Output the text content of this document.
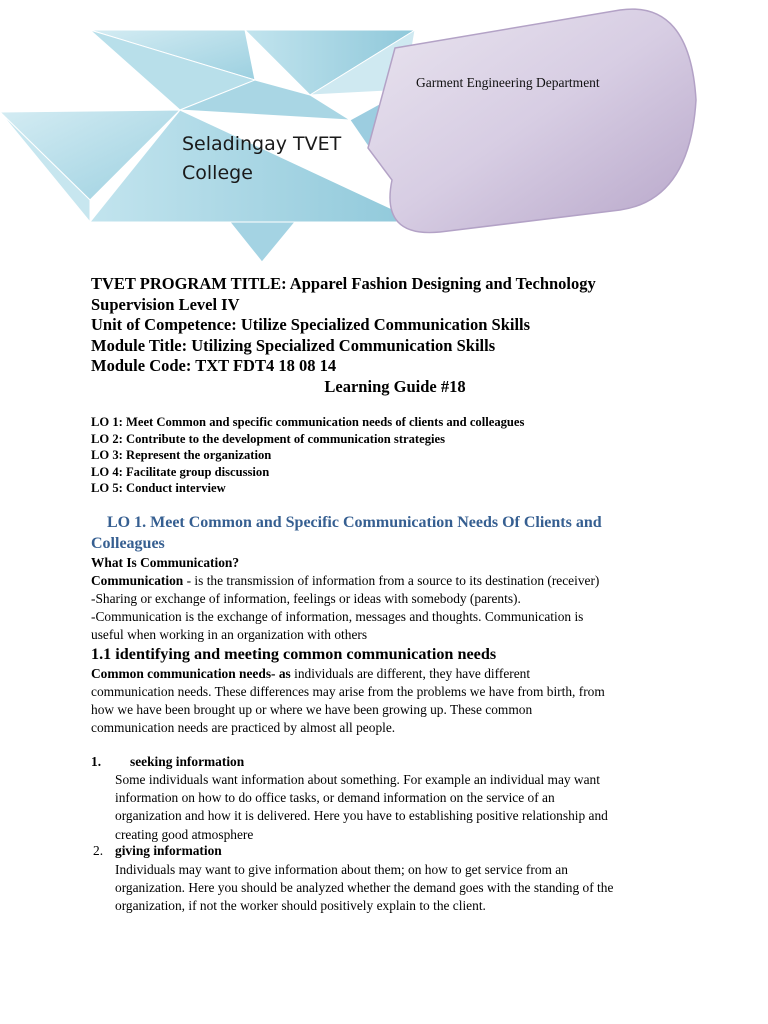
Seladingay TVET
College
Garment Engineering Department
TVET PROGRAM TITLE: Apparel Fashion Designing and Technology
Supervision Level IV
Unit of Competence: Utilize Specialized Communication Skills
Module Title: Utilizing Specialized Communication Skills
Module Code: TXT FDT4 18 08 14
Learning Guide #18
LO 1: Meet Common and specific communication needs of clients and colleagues
LO 2: Contribute to the development of communication strategies
LO 3: Represent the organization
LO 4: Facilitate group discussion
LO 5: Conduct interview
LO 1. Meet Common and Specific Communication Needs Of Clients and
Colleagues
What Is Communication?
Communication - is the transmission of information from a source to its destination (receiver)
-Sharing or exchange of information, feelings or ideas with somebody (parents).
-Communication is the exchange of information, messages and thoughts. Communication is
useful when working in an organization with others
1.1 identifying and meeting common communication needs
Common communication needs- as individuals are different, they have different
communication needs. These differences may arise from the problems we have from birth, from
how we have been brought up or where we have been growing up. These common
communication needs are practiced by almost all people.
1. seeking information
Some individuals want information about something. For example an individual may want
information on how to do office tasks, or demand information on the service of an
organization and how it is delivered. Here you have to establishing positive relationship and
creating good atmosphere
2. giving information
Individuals may want to give information about them; on how to get service from an
organization. Here you should be analyzed whether the demand goes with the standing of the
organization, if not the worker should positively explain to the client.
